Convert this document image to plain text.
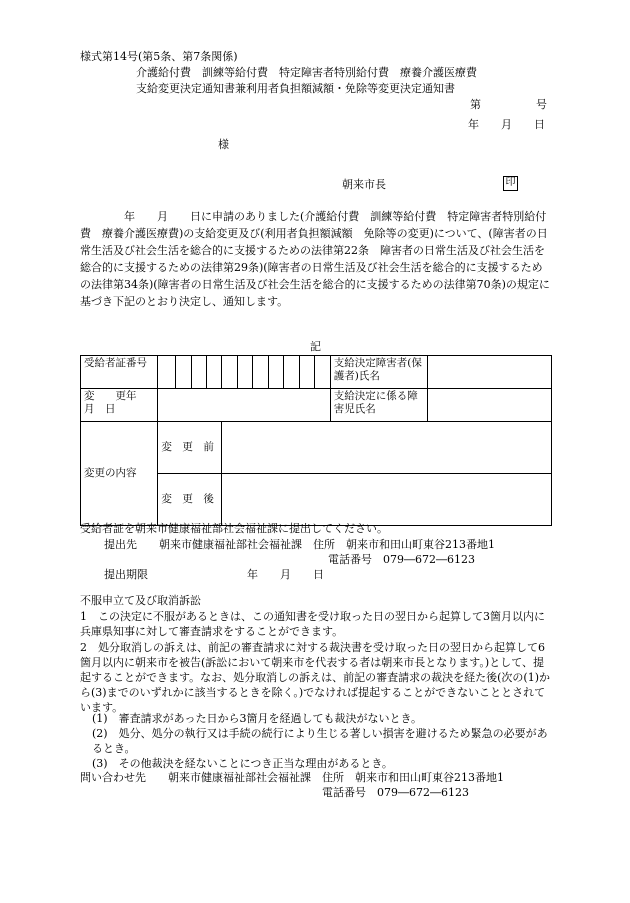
様式第14号(第5条、第7条関係)
介護給付費　訓練等給付費　特定障害者特別給付費　療養介護医療費
支給変更決定通知書兼利用者負担額減額・免除等変更決定通知書
第　　　　　号
年　　月　　日
様
朝来市長	印
　　　　年　　月　　日に申請のありました(介護給付費　訓練等給付費　特定障害者特別給付費　療養介護医療費)の支給変更及び(利用者負担額減額　免除等の変更)について、(障害者の日常生活及び社会生活を総合的に支援するための法律第22条　障害者の日常生活及び社会生活を総合的に支援するための法律第29条)(障害者の日常生活及び社会生活を総合的に支援するための法律第34条)(障害者の日常生活及び社会生活を総合的に支援するための法律第70条)の規定に基づき下記のとおり決定し、通知します。
記
受給者証番号												支給決定障害者(保護者)氏名	
変　　更年　月　日												支給決定に係る障害児氏名	
変更の内容	変　更　前												
	変　更　後												
受給者証を朝来市健康福祉部社会福祉課に提出してください。
提出先　　朝来市健康福祉部社会福祉課　住所　朝来市和田山町東谷213番地1
電話番号　079―672―6123
提出期限　　　　　　　　　年　　月　　日
不服申立て及び取消訴訟
1　この決定に不服があるときは、この通知書を受け取った日の翌日から起算して3箇月以内に兵庫県知事に対して審査請求をすることができます。
2　処分取消しの訴えは、前記の審査請求に対する裁決書を受け取った日の翌日から起算して6箇月以内に朝来市を被告(訴訟において朝来市を代表する者は朝来市長となります。)として、提起することができます。なお、処分取消しの訴えは、前記の審査請求の裁決を経た後(次の(1)から(3)までのいずれかに該当するときを除く。)でなければ提起することができないこととされています。
(1)　審査請求があった日から3箇月を経過しても裁決がないとき。
(2)　処分、処分の執行又は手続の続行により生じる著しい損害を避けるため緊急の必要があるとき。
(3)　その他裁決を経ないことにつき正当な理由があるとき。
問い合わせ先　　朝来市健康福祉部社会福祉課　住所　朝来市和田山町東谷213番地1
電話番号　079―672―6123
